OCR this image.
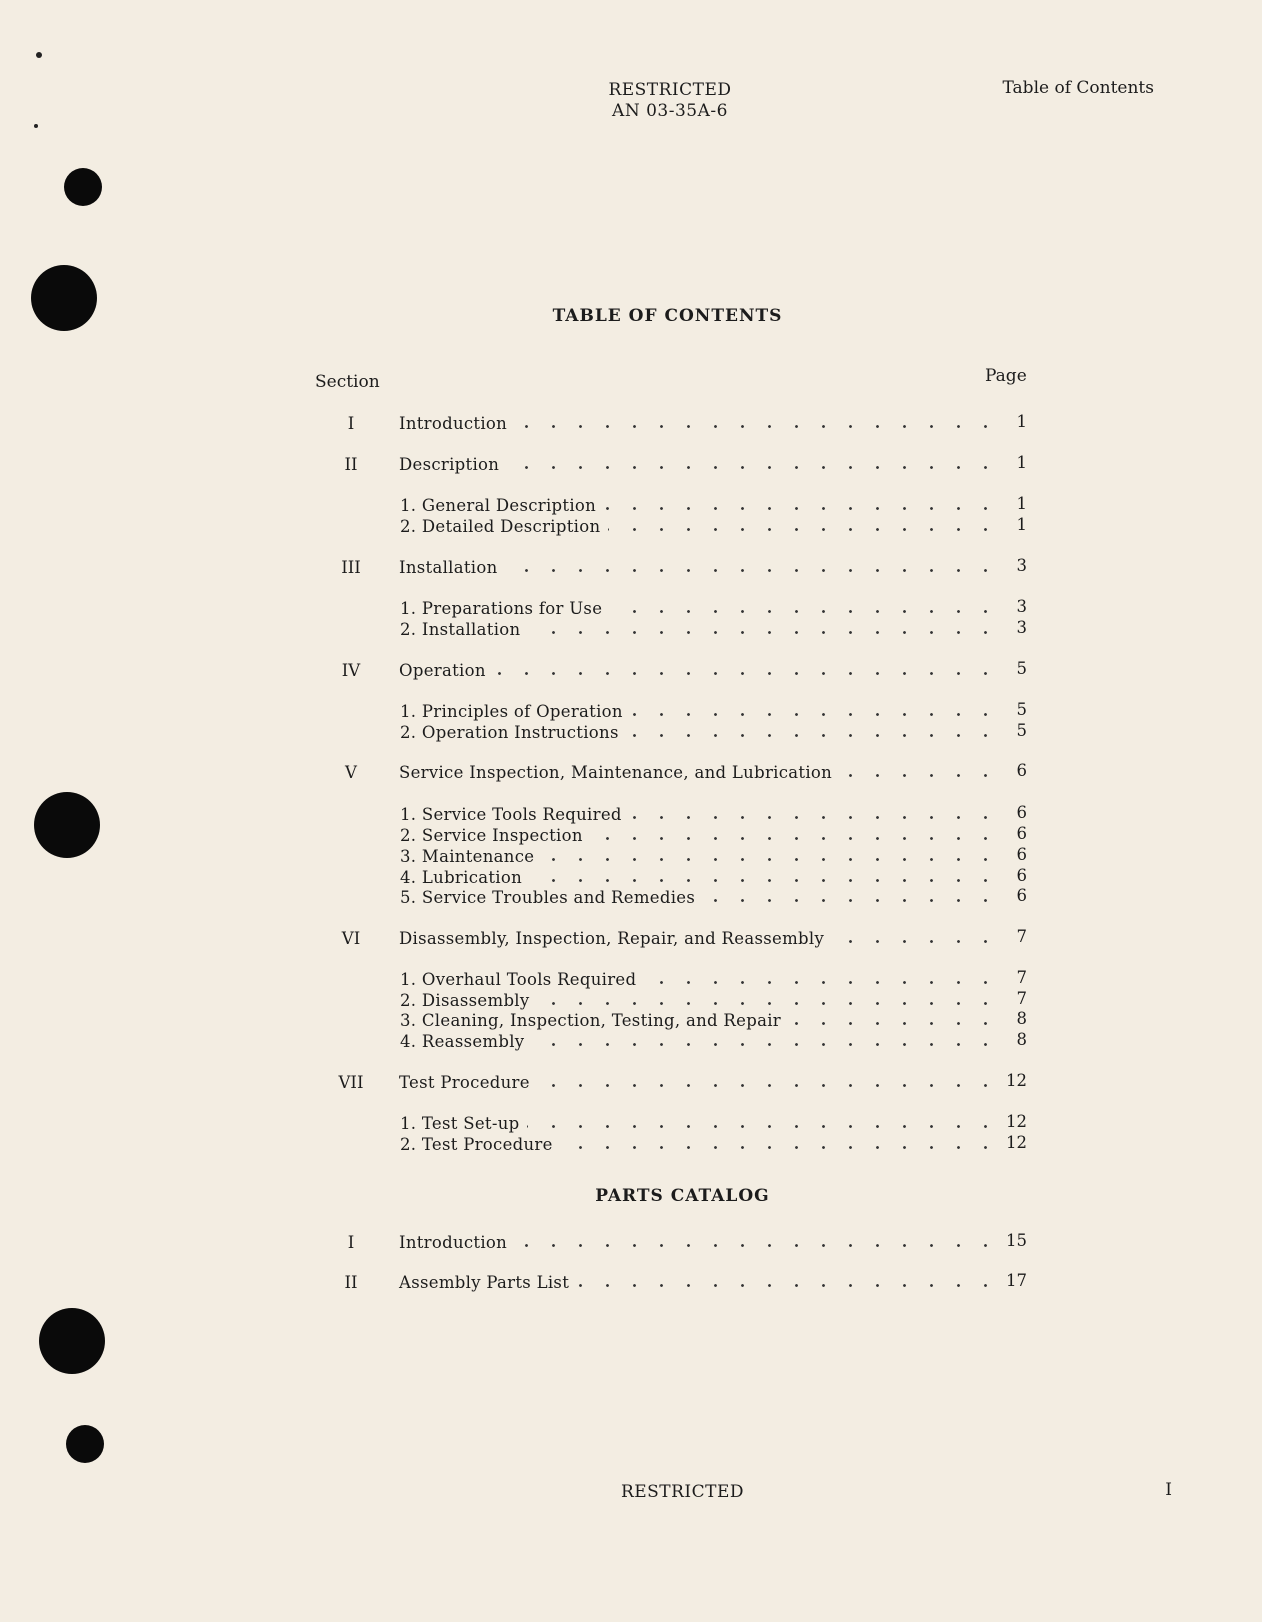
RESTRICTED
AN 03-35A-6
Table of Contents
TABLE OF CONTENTS
Section	Page
I	Introduction	1
II	Description	1
1. General Description	1
2. Detailed Description	1
III	Installation	3
1. Preparations for Use	3
2. Installation	3
IV	Operation	5
1. Principles of Operation	5
2. Operation Instructions	5
V	Service Inspection, Maintenance, and Lubrication	6
1. Service Tools Required	6
2. Service Inspection	6
3. Maintenance	6
4. Lubrication	6
5. Service Troubles and Remedies	6
VI	Disassembly, Inspection, Repair, and Reassembly	7
1. Overhaul Tools Required	7
2. Disassembly	7
3. Cleaning, Inspection, Testing, and Repair	8
4. Reassembly	8
VII	Test Procedure	12
1. Test Set-up	12
2. Test Procedure	12
PARTS CATALOG
I	Introduction	15
II	Assembly Parts List	17
RESTRICTED	I
